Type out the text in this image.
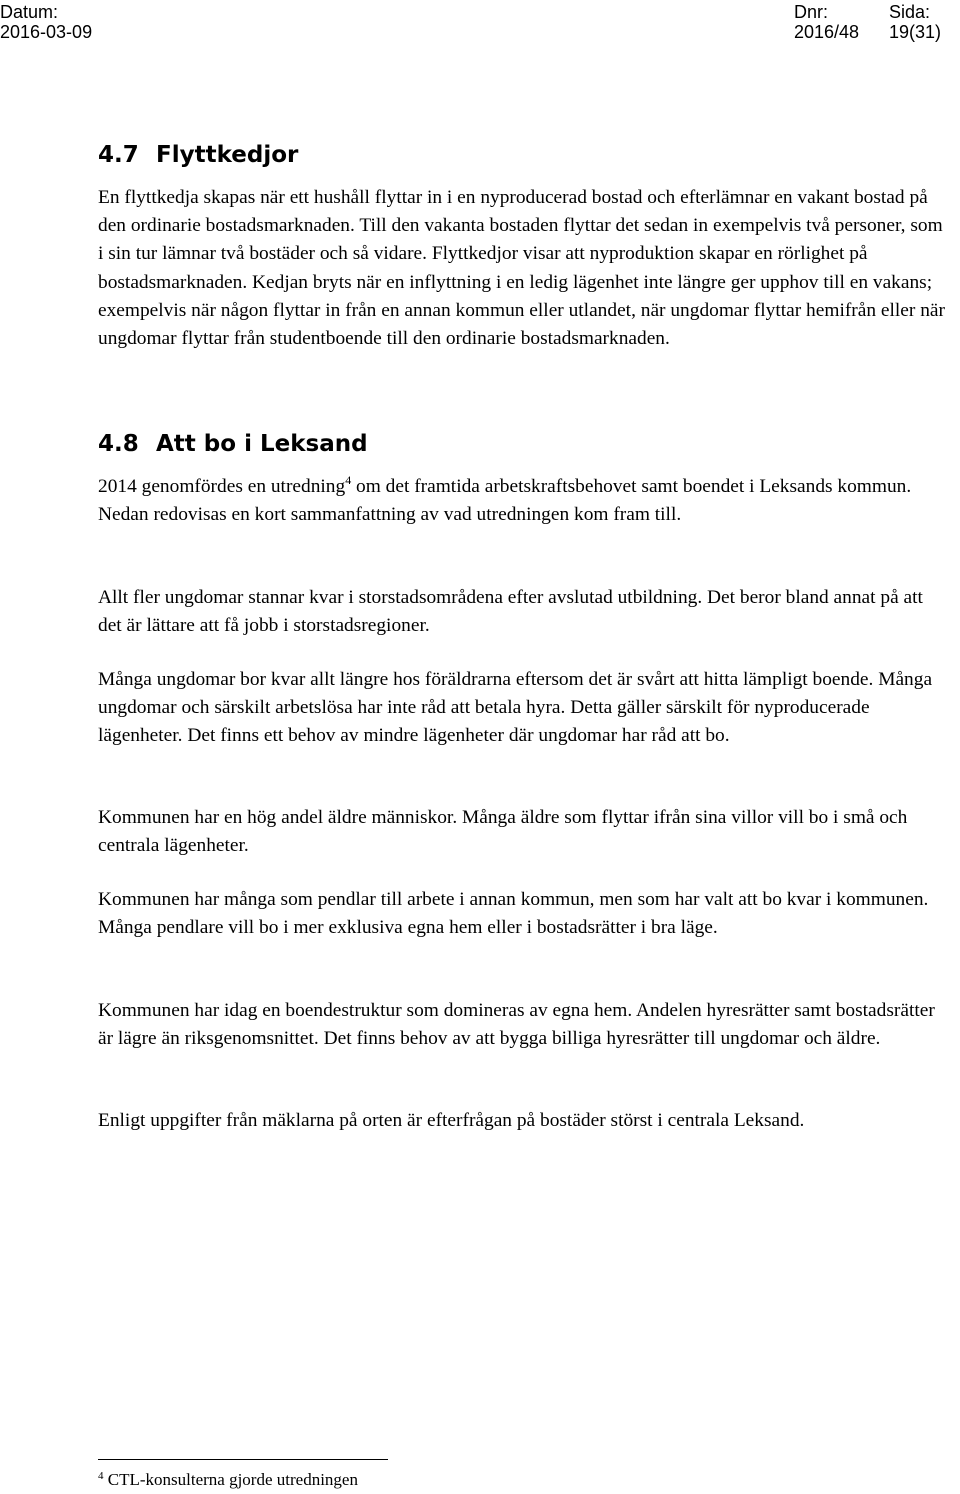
Datum:
2016-03-09
Dnr:
2016/48
Sida:
19(31)
4.7 Flyttkedjor

En flyttkedja skapas när ett hushåll flyttar in i en nyproducerad bostad och efterlämnar en vakant bostad på den ordinarie bostadsmarknaden. Till den vakanta bostaden flyttar det sedan in exempelvis två personer, som i sin tur lämnar två bostäder och så vidare. Flyttkedjor visar att nyproduktion skapar en rörlighet på bostadsmarknaden. Kedjan bryts när en inflyttning i en ledig lägenhet inte längre ger upphov till en vakans; exempelvis när någon flyttar in från en annan kommun eller utlandet, när ungdomar flyttar hemifrån eller när ungdomar flyttar från studentboende till den ordinarie bostadsmarknaden.

4.8 Att bo i Leksand

2014 genomfördes en utredning$^4$ om det framtida arbetskraftsbehovet samt boendet i Leksands kommun. Nedan redovisas en kort sammanfattning av vad utredningen kom fram till.

Allt fler ungdomar stannar kvar i storstadsområdena efter avslutad utbildning. Det beror bland annat på att det är lättare att få jobb i storstadsregioner.

Många ungdomar bor kvar allt längre hos föräldrarna eftersom det är svårt att hitta lämpligt boende. Många ungdomar och särskilt arbetslösa har inte råd att betala hyra. Detta gäller särskilt för nyproducerade lägenheter. Det finns ett behov av mindre lägenheter där ungdomar har råd att bo.

Kommunen har en hög andel äldre människor. Många äldre som flyttar ifrån sina villor vill bo i små och centrala lägenheter.

Kommunen har många som pendlar till arbete i annan kommun, men som har valt att bo kvar i kommunen. Många pendlare vill bo i mer exklusiva egna hem eller i bostadsrätter i bra läge.

Kommunen har idag en boendestruktur som domineras av egna hem. Andelen hyresrätter samt bostadsrätter är lägre än riksgenomsnittet. Det finns behov av att bygga billiga hyresrätter till ungdomar och äldre.

Enligt uppgifter från mäklarna på orten är efterfrågan på bostäder störst i centrala Leksand.

$^4$ CTL-konsulterna gjorde utredningen
